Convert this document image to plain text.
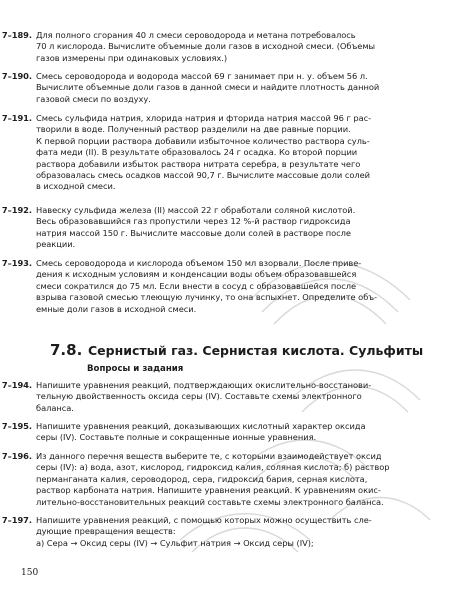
7–189. Для полного сгорания 40 л смеси сероводорода и метана потребовалось
70 л кислорода. Вычислите объемные доли газов в исходной смеси. (Объемы
газов измерены при одинаковых условиях.)
7–190. Смесь сероводорода и водорода массой 69 г занимает при н. у. объем 56 л.
Вычислите объемные доли газов в данной смеси и найдите плотность данной
газовой смеси по воздуху.
7–191. Смесь сульфида натрия, хлорида натрия и фторида натрия массой 96 г рас-
творили в воде. Полученный раствор разделили на две равные порции.
К первой порции раствора добавили избыточное количество раствора суль-
фата меди (II). В результате образовалось 24 г осадка. Ко второй порции
раствора добавили избыток раствора нитрата серебра, в результате чего
образовалась смесь осадков массой 90,7 г. Вычислите массовые доли солей
в исходной смеси.
7–192. Навеску сульфида железа (II) массой 22 г обработали соляной кислотой.
Весь образовавшийся газ пропустили через 12 %-й раствор гидроксида
натрия массой 150 г. Вычислите массовые доли солей в растворе после
реакции.
7–193. Смесь сероводорода и кислорода объемом 150 мл взорвали. После приве-
дения к исходным условиям и конденсации воды объем образовавшейся
смеси сократился до 75 мл. Если внести в сосуд с образовавшейся после
взрыва газовой смесью тлеющую лучинку, то она вспыхнет. Определите объ-
емные доли газов в исходной смеси.
7.8. Сернистый газ. Сернистая кислота. Сульфиты
Вопросы и задания
7–194. Напишите уравнения реакций, подтверждающих окислительно-восстанови-
тельную двойственность оксида серы (IV). Составьте схемы электронного
баланса.
7–195. Напишите уравнения реакций, доказывающих кислотный характер оксида
серы (IV). Составьте полные и сокращенные ионные уравнения.
7–196. Из данного перечня веществ выберите те, с которыми взаимодействует оксид
серы (IV): а) вода, азот, кислород, гидроксид калия, соляная кислота; б) раствор
перманганата калия, сероводород, сера, гидроксид бария, серная кислота,
раствор карбоната натрия. Напишите уравнения реакций. К уравнениям окис-
лительно-восстановительных реакций составьте схемы электронного баланса.
7–197. Напишите уравнения реакций, с помощью которых можно осуществить сле-
дующие превращения веществ:
а) Сера → Оксид серы (IV) → Сульфит натрия → Оксид серы (IV);
150
